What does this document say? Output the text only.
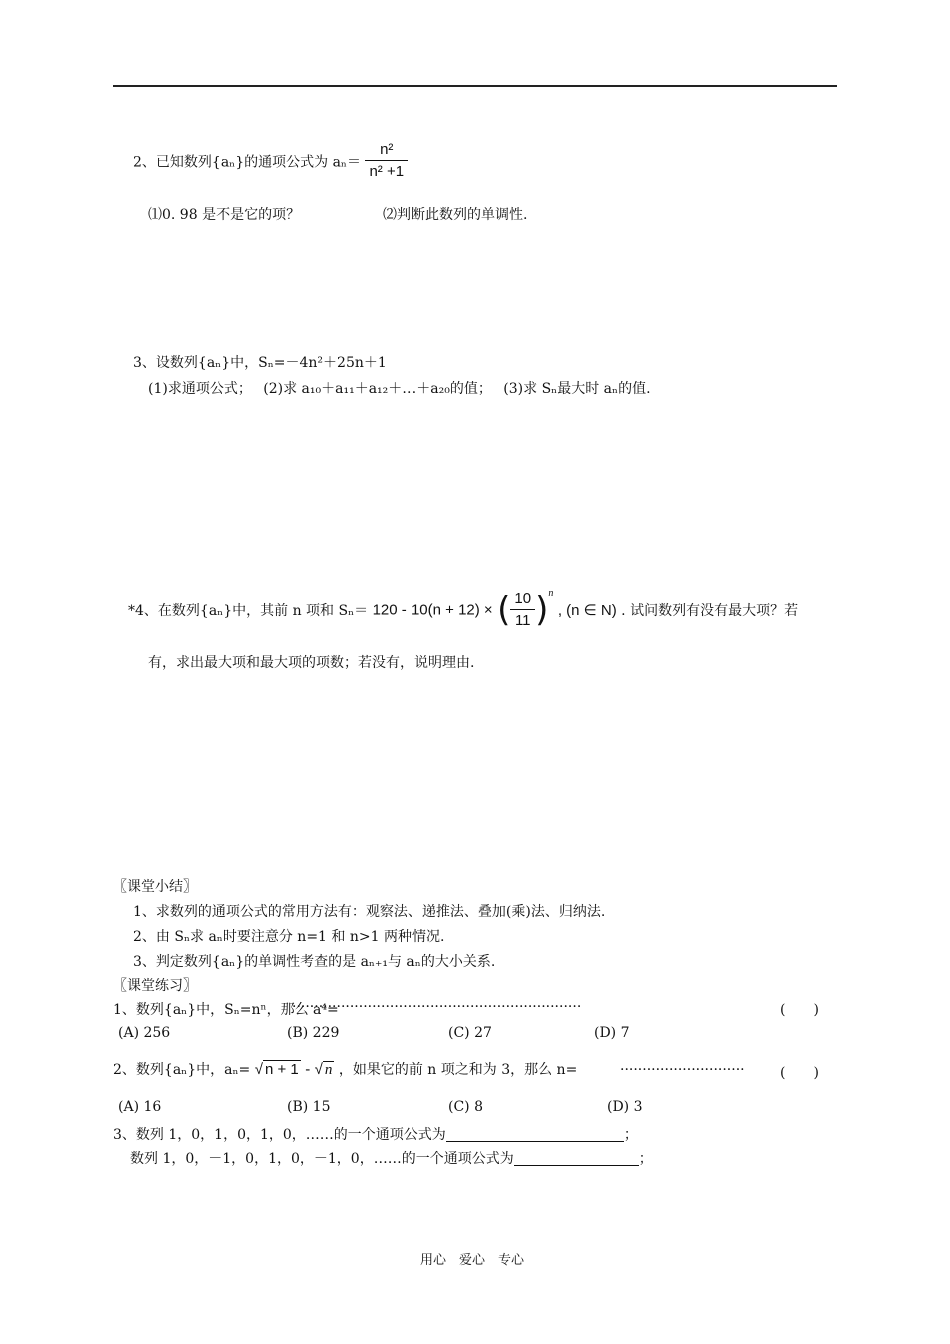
2、已知数列{aₙ}的通项公式为 $a_n= \frac{\text{n²}}{\text{n² +1}}$
⑴0. 98 是不是它的项？	⑵判断此数列的单调性.
3、设数列{aₙ}中，Sₙ=－4n²＋25n＋1
(1)求通项公式；　 (2)求 a₁₀＋a₁₁＋a₁₂＋…＋a₂₀的值；　 (3)求 Sₙ最大时 aₙ的值.
*4、在数列{aₙ}中，其前 n 项和 Sₙ＝ 120 - 10(n + 12) × ( $\frac{10}{11} )^n$ , (n ∈ N) . 试问数列有没有最大项？若
有，求出最大项和最大项的项数；若没有，说明理由.
〖课堂小结〗
1、求数列的通项公式的常用方法有：观察法、递推法、叠加(乘)法、归纳法.
2、由 Sₙ求 aₙ时要注意分 n=1 和 n>1 两种情况.
3、判定数列{aₙ}的单调性考查的是 aₙ₊₁与 aₙ的大小关系.
〖课堂练习〗
1、数列{aₙ}中，Sₙ=nⁿ，那么 a⁴=
·································································	(　　)
(A) 256	(B) 229	(C) 27	(D) 7
2、数列{aₙ}中，aₙ= √ n + 1 - √ n ，如果它的前 n 项之和为 3，那么 n=	····························	(　　)
(A) 16	(B) 15	(C) 8	(D) 3
3、数列 1，0，1，0，1，0，……的一个通项公式为	；
数列 1，0，－1，0，1，0，－1，0，……的一个通项公式为	；
用心　爱心　专心
